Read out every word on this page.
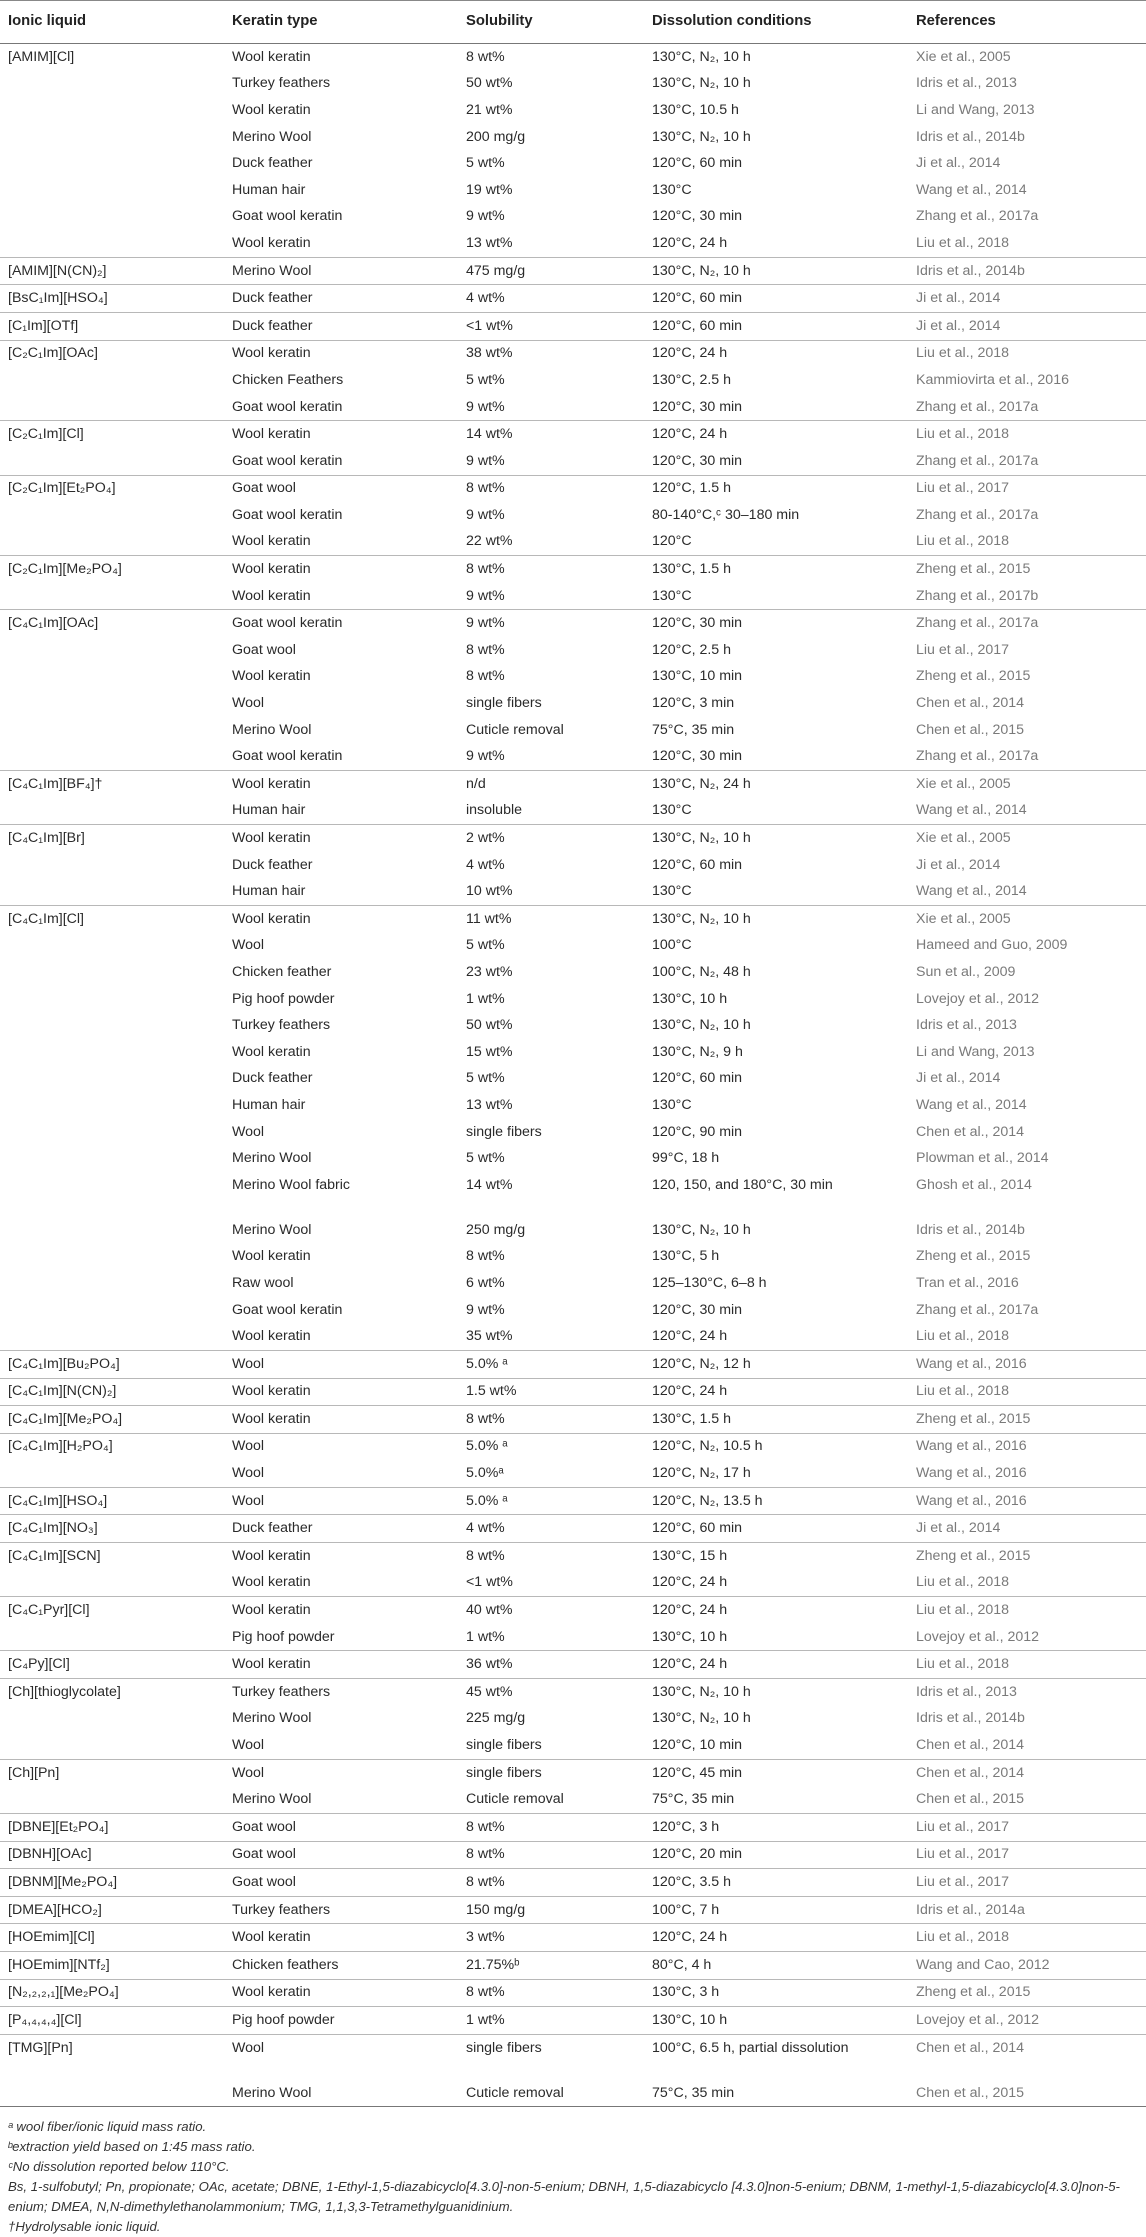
Ionic liquid	Keratin type	Solubility	Dissolution conditions	References
[AMIM][Cl]	Wool keratin	8 wt%	130°C, N₂, 10 h	Xie et al., 2005
	Turkey feathers	50 wt%	130°C, N₂, 10 h	Idris et al., 2013
	Wool keratin	21 wt%	130°C, 10.5 h	Li and Wang, 2013
	Merino Wool	200 mg/g	130°C, N₂, 10 h	Idris et al., 2014b
	Duck feather	5 wt%	120°C, 60 min	Ji et al., 2014
	Human hair	19 wt%	130°C	Wang et al., 2014
	Goat wool keratin	9 wt%	120°C, 30 min	Zhang et al., 2017a
	Wool keratin	13 wt%	120°C, 24 h	Liu et al., 2018
[AMIM][N(CN)₂]	Merino Wool	475 mg/g	130°C, N₂, 10 h	Idris et al., 2014b
[BsC₁Im][HSO₄]	Duck feather	4 wt%	120°C, 60 min	Ji et al., 2014
[C₁Im][OTf]	Duck feather	<1 wt%	120°C, 60 min	Ji et al., 2014
[C₂C₁Im][OAc]	Wool keratin	38 wt%	120°C, 24 h	Liu et al., 2018
	Chicken Feathers	5 wt%	130°C, 2.5 h	Kammiovirta et al., 2016
	Goat wool keratin	9 wt%	120°C, 30 min	Zhang et al., 2017a
[C₂C₁Im][Cl]	Wool keratin	14 wt%	120°C, 24 h	Liu et al., 2018
	Goat wool keratin	9 wt%	120°C, 30 min	Zhang et al., 2017a
[C₂C₁Im][Et₂PO₄]	Goat wool	8 wt%	120°C, 1.5 h	Liu et al., 2017
	Goat wool keratin	9 wt%	80-140°C,ᶜ 30–180 min	Zhang et al., 2017a
	Wool keratin	22 wt%	120°C	Liu et al., 2018
[C₂C₁Im][Me₂PO₄]	Wool keratin	8 wt%	130°C, 1.5 h	Zheng et al., 2015
	Wool keratin	9 wt%	130°C	Zhang et al., 2017b
[C₄C₁Im][OAc]	Goat wool keratin	9 wt%	120°C, 30 min	Zhang et al., 2017a
	Goat wool	8 wt%	120°C, 2.5 h	Liu et al., 2017
	Wool keratin	8 wt%	130°C, 10 min	Zheng et al., 2015
	Wool	single fibers	120°C, 3 min	Chen et al., 2014
	Merino Wool	Cuticle removal	75°C, 35 min	Chen et al., 2015
	Goat wool keratin	9 wt%	120°C, 30 min	Zhang et al., 2017a
[C₄C₁Im][BF₄]†	Wool keratin	n/d	130°C, N₂, 24 h	Xie et al., 2005
	Human hair	insoluble	130°C	Wang et al., 2014
[C₄C₁Im][Br]	Wool keratin	2 wt%	130°C, N₂, 10 h	Xie et al., 2005
	Duck feather	4 wt%	120°C, 60 min	Ji et al., 2014
	Human hair	10 wt%	130°C	Wang et al., 2014
[C₄C₁Im][Cl]	Wool keratin	11 wt%	130°C, N₂, 10 h	Xie et al., 2005
	Wool	5 wt%	100°C	Hameed and Guo, 2009
	Chicken feather	23 wt%	100°C, N₂, 48 h	Sun et al., 2009
	Pig hoof powder	1 wt%	130°C, 10 h	Lovejoy et al., 2012
	Turkey feathers	50 wt%	130°C, N₂, 10 h	Idris et al., 2013
	Wool keratin	15 wt%	130°C, N₂, 9 h	Li and Wang, 2013
	Duck feather	5 wt%	120°C, 60 min	Ji et al., 2014
	Human hair	13 wt%	130°C	Wang et al., 2014
	Wool	single fibers	120°C, 90 min	Chen et al., 2014
	Merino Wool	5 wt%	99°C, 18 h	Plowman et al., 2014
	Merino Wool fabric	14 wt%	120, 150, and 180°C, 30 min	Ghosh et al., 2014
	Merino Wool	250 mg/g	130°C, N₂, 10 h	Idris et al., 2014b
	Wool keratin	8 wt%	130°C, 5 h	Zheng et al., 2015
	Raw wool	6 wt%	125–130°C, 6–8 h	Tran et al., 2016
	Goat wool keratin	9 wt%	120°C, 30 min	Zhang et al., 2017a
	Wool keratin	35 wt%	120°C, 24 h	Liu et al., 2018
[C₄C₁Im][Bu₂PO₄]	Wool	5.0% ᵃ	120°C, N₂, 12 h	Wang et al., 2016
[C₄C₁Im][N(CN)₂]	Wool keratin	1.5 wt%	120°C, 24 h	Liu et al., 2018
[C₄C₁Im][Me₂PO₄]	Wool keratin	8 wt%	130°C, 1.5 h	Zheng et al., 2015
[C₄C₁Im][H₂PO₄]	Wool	5.0% ᵃ	120°C, N₂, 10.5 h	Wang et al., 2016
	Wool	5.0%ᵃ	120°C, N₂, 17 h	Wang et al., 2016
[C₄C₁Im][HSO₄]	Wool	5.0% ᵃ	120°C, N₂, 13.5 h	Wang et al., 2016
[C₄C₁Im][NO₃]	Duck feather	4 wt%	120°C, 60 min	Ji et al., 2014
[C₄C₁Im][SCN]	Wool keratin	8 wt%	130°C, 15 h	Zheng et al., 2015
	Wool keratin	<1 wt%	120°C, 24 h	Liu et al., 2018
[C₄C₁Pyr][Cl]	Wool keratin	40 wt%	120°C, 24 h	Liu et al., 2018
	Pig hoof powder	1 wt%	130°C, 10 h	Lovejoy et al., 2012
[C₄Py][Cl]	Wool keratin	36 wt%	120°C, 24 h	Liu et al., 2018
[Ch][thioglycolate]	Turkey feathers	45 wt%	130°C, N₂, 10 h	Idris et al., 2013
	Merino Wool	225 mg/g	130°C, N₂, 10 h	Idris et al., 2014b
	Wool	single fibers	120°C, 10 min	Chen et al., 2014
[Ch][Pn]	Wool	single fibers	120°C, 45 min	Chen et al., 2014
	Merino Wool	Cuticle removal	75°C, 35 min	Chen et al., 2015
[DBNE][Et₂PO₄]	Goat wool	8 wt%	120°C, 3 h	Liu et al., 2017
[DBNH][OAc]	Goat wool	8 wt%	120°C, 20 min	Liu et al., 2017
[DBNM][Me₂PO₄]	Goat wool	8 wt%	120°C, 3.5 h	Liu et al., 2017
[DMEA][HCO₂]	Turkey feathers	150 mg/g	100°C, 7 h	Idris et al., 2014a
[HOEmim][Cl]	Wool keratin	3 wt%	120°C, 24 h	Liu et al., 2018
[HOEmim][NTf₂]	Chicken feathers	21.75%ᵇ	80°C, 4 h	Wang and Cao, 2012
[N₂,₂,₂,₁][Me₂PO₄]	Wool keratin	8 wt%	130°C, 3 h	Zheng et al., 2015
[P₄,₄,₄,₄][Cl]	Pig hoof powder	1 wt%	130°C, 10 h	Lovejoy et al., 2012
[TMG][Pn]	Wool	single fibers	100°C, 6.5 h, partial dissolution	Chen et al., 2014
	Merino Wool	Cuticle removal	75°C, 35 min	Chen et al., 2015

ᵃ wool fiber/ionic liquid mass ratio.

ᵇextraction yield based on 1:45 mass ratio.

ᶜNo dissolution reported below 110°C.

Bs, 1-sulfobutyl; Pn, propionate; OAc, acetate; DBNE, 1-Ethyl-1,5-diazabicyclo[4.3.0]-non-5-enium; DBNH, 1,5-diazabicyclo [4.3.0]non-5-enium; DBNM, 1-methyl-1,5-diazabicyclo[4.3.0]non-5-enium; DMEA, N,N-dimethylethanolammonium; TMG, 1,1,3,3-Tetramethylguanidinium.

†Hydrolysable ionic liquid.
